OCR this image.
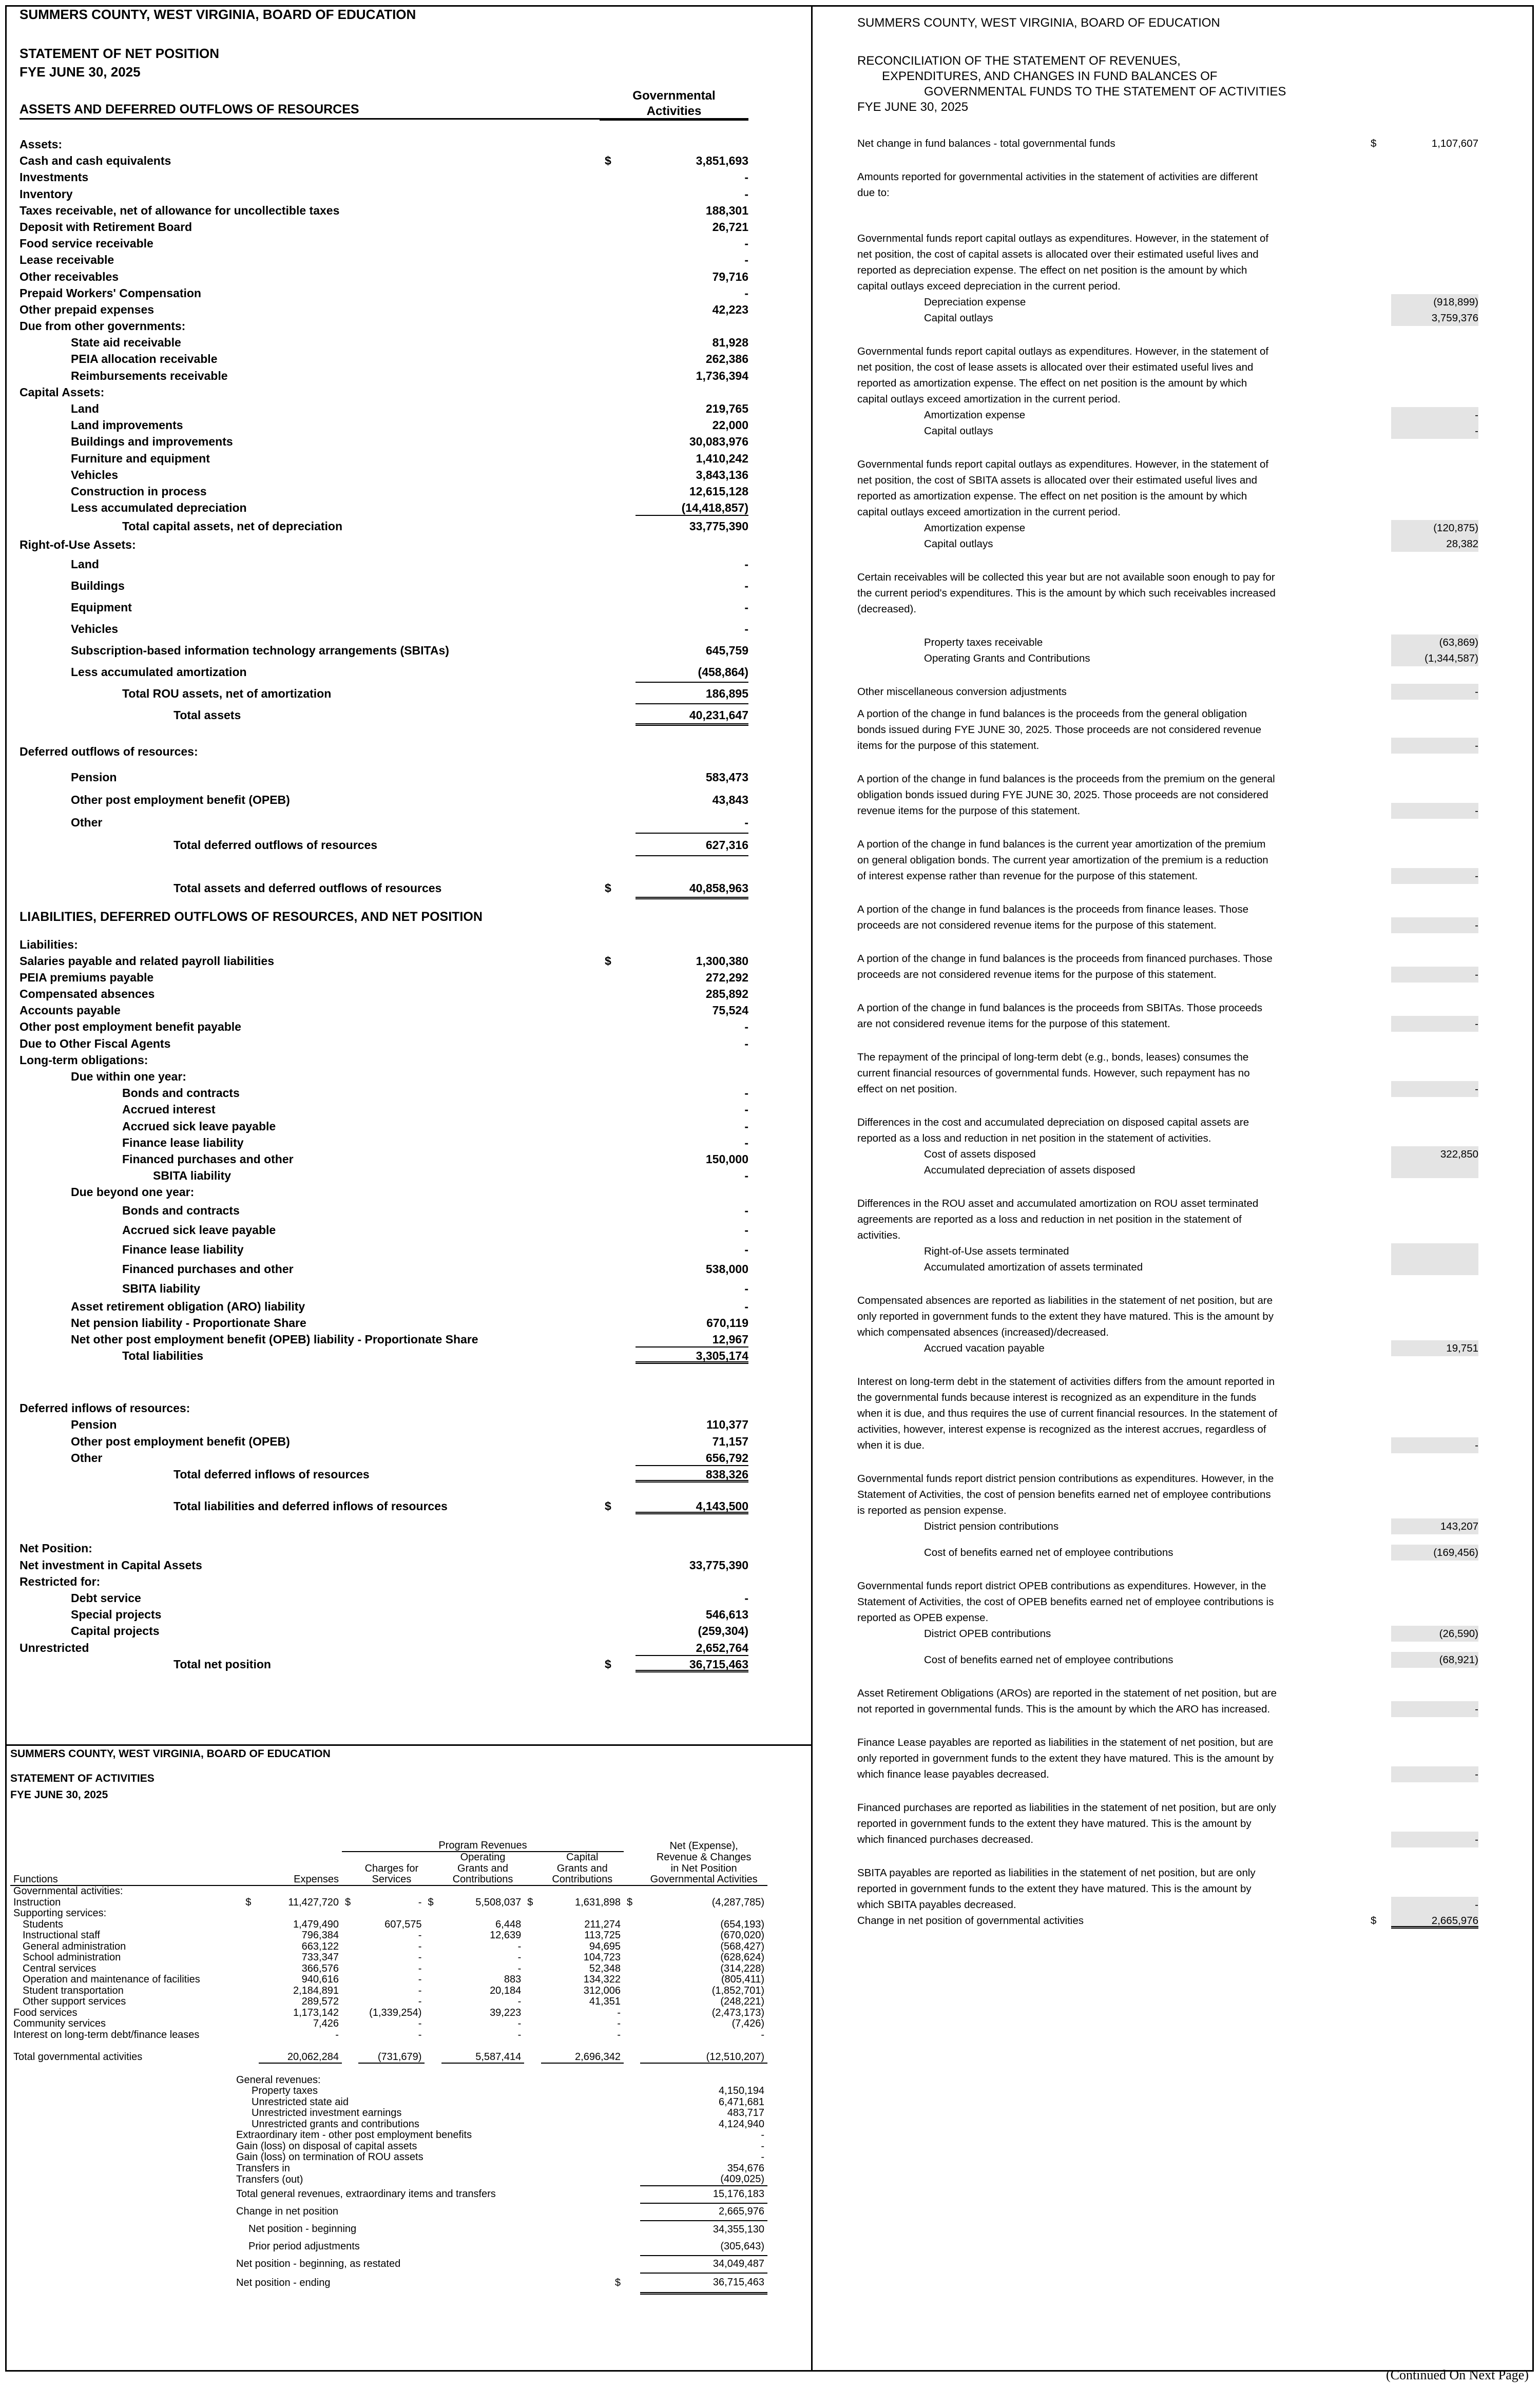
SUMMERS COUNTY, WEST VIRGINIA, BOARD OF EDUCATION
STATEMENT OF NET POSITION
FYE JUNE 30, 2025
Governmental
Activities
ASSETS AND DEFERRED OUTFLOWS OF RESOURCES
Assets:
Cash and cash equivalents	$	3,851,693
Investments	-
Inventory	-
Taxes receivable, net of allowance for uncollectible taxes	188,301
Deposit with Retirement Board	26,721
Food service receivable	-
Lease receivable	-
Other receivables	79,716
Prepaid Workers' Compensation	-
Other prepaid expenses	42,223
Due from other governments:
State aid receivable	81,928
PEIA allocation receivable	262,386
Reimbursements receivable	1,736,394
Capital Assets:
Land	219,765
Land improvements	22,000
Buildings and improvements	30,083,976
Furniture and equipment	1,410,242
Vehicles	3,843,136
Construction in process	12,615,128
Less accumulated depreciation	(14,418,857)
Total capital assets, net of depreciation	33,775,390
Right-of-Use Assets:
Land	-
Buildings	-
Equipment	-
Vehicles	-
Subscription-based information technology arrangements (SBITAs)	645,759
Less accumulated amortization	(458,864)
Total ROU assets, net of amortization	186,895
Total assets	40,231,647
Deferred outflows of resources:
Pension	583,473
Other post employment benefit (OPEB)	43,843
Other	-
Total deferred outflows of resources	627,316
Total assets and deferred outflows of resources	$	40,858,963
LIABILITIES, DEFERRED OUTFLOWS OF RESOURCES, AND NET POSITION
Liabilities:
Salaries payable and related payroll liabilities	$	1,300,380
PEIA premiums payable	272,292
Compensated absences	285,892
Accounts payable	75,524
Other post employment benefit payable	-
Due to Other Fiscal Agents	-
Long-term obligations:
Due within one year:
Bonds and contracts	-
Accrued interest	-
Accrued sick leave payable	-
Finance lease liability	-
Financed purchases and other	150,000
SBITA liability	-
Due beyond one year:
Bonds and contracts	-
Accrued sick leave payable	-
Finance lease liability	-
Financed purchases and other	538,000
SBITA liability	-
Asset retirement obligation (ARO) liability	-
Net pension liability - Proportionate Share	670,119
Net other post employment benefit (OPEB) liability - Proportionate Share	12,967
Total liabilities	3,305,174
Deferred inflows of resources:
Pension	110,377
Other post employment benefit (OPEB)	71,157
Other	656,792
Total deferred inflows of resources	838,326
Total liabilities and deferred inflows of resources	$	4,143,500
Net Position:
Net investment in Capital Assets	33,775,390
Restricted for:
Debt service	-
Special projects	546,613
Capital projects	(259,304)
Unrestricted	2,652,764
Total net position	$	36,715,463
SUMMERS COUNTY, WEST VIRGINIA, BOARD OF EDUCATION
STATEMENT OF ACTIVITIES
FYE JUNE 30, 2025
			Program Revenues							Net (Expense),
						Operating		Capital		Revenue & Changes
				Charges for		Grants and		Grants and		in Net Position
Functions		Expenses		Services		Contributions		Contributions		Governmental Activities
Governmental activities:										
Instruction	$	11,427,720	$	-	$	5,508,037	$	1,631,898	$	(4,287,785)
Supporting services:										
Students		1,479,490		607,575		6,448		211,274		(654,193)
Instructional staff		796,384		-		12,639		113,725		(670,020)
General administration		663,122		-		-		94,695		(568,427)
School administration		733,347		-		-		104,723		(628,624)
Central services		366,576		-		-		52,348		(314,228)
Operation and maintenance of facilities		940,616		-		883		134,322		(805,411)
Student transportation		2,184,891		-		20,184		312,006		(1,852,701)
Other support services		289,572		-		-		41,351		(248,221)
Food services		1,173,142		(1,339,254)		39,223		-		(2,473,173)
Community services		7,426		-		-		-		(7,426)
Interest on long-term debt/finance leases		-		-		-		-		-

Total governmental activities		20,062,284		(731,679)		5,587,414		2,696,342		(12,510,207)

General revenues:										
Property taxes										4,150,194
Unrestricted state aid										6,471,681
Unrestricted investment earnings										483,717
Unrestricted grants and contributions										4,124,940
Extraordinary item - other post employment benefits										-
Gain (loss) on disposal of capital assets										-
Gain (loss) on termination of ROU assets										-
Transfers in										354,676
Transfers (out)										(409,025)
Total general revenues, extraordinary items and transfers										15,176,183
Change in net position										2,665,976
Net position - beginning										34,355,130
Prior period adjustments										(305,643)
Net position - beginning, as restated										34,049,487
Net position - ending								$		36,715,463
SUMMERS COUNTY, WEST VIRGINIA, BOARD OF EDUCATION
RECONCILIATION OF THE STATEMENT OF REVENUES,
EXPENDITURES, AND CHANGES IN FUND BALANCES OF
GOVERNMENTAL FUNDS TO THE STATEMENT OF ACTIVITIES
FYE JUNE 30, 2025
Net change in fund balances - total governmental funds	$	1,107,607
Amounts reported for governmental activities in the statement of activities are different due to:
Governmental funds report capital outlays as expenditures. However, in the statement of net position, the cost of capital assets is allocated over their estimated useful lives and reported as depreciation expense. The effect on net position is the amount by which capital outlays exceed depreciation in the current period.
Depreciation expense	(918,899)
Capital outlays	3,759,376
Governmental funds report capital outlays as expenditures. However, in the statement of net position, the cost of lease assets is allocated over their estimated useful lives and reported as amortization expense. The effect on net position is the amount by which capital outlays exceed amortization in the current period.
Amortization expense	-
Capital outlays	-
Governmental funds report capital outlays as expenditures. However, in the statement of net position, the cost of SBITA assets is allocated over their estimated useful lives and reported as amortization expense. The effect on net position is the amount by which capital outlays exceed amortization in the current period.
Amortization expense	(120,875)
Capital outlays	28,382
Certain receivables will be collected this year but are not available soon enough to pay for the current period's expenditures. This is the amount by which such receivables increased (decreased).
Property taxes receivable	(63,869)
Operating Grants and Contributions	(1,344,587)
Other miscellaneous conversion adjustments	-
A portion of the change in fund balances is the proceeds from the general obligation bonds issued during FYE JUNE 30, 2025. Those proceeds are not considered revenue items for the purpose of this statement.	-
A portion of the change in fund balances is the proceeds from the premium on the general obligation bonds issued during FYE JUNE 30, 2025. Those proceeds are not considered revenue items for the purpose of this statement.	-
A portion of the change in fund balances is the current year amortization of the premium on general obligation bonds. The current year amortization of the premium is a reduction of interest expense rather than revenue for the purpose of this statement.	-
A portion of the change in fund balances is the proceeds from finance leases. Those proceeds are not considered revenue items for the purpose of this statement.	-
A portion of the change in fund balances is the proceeds from financed purchases. Those proceeds are not considered revenue items for the purpose of this statement.	-
A portion of the change in fund balances is the proceeds from SBITAs. Those proceeds are not considered revenue items for the purpose of this statement.	-
The repayment of the principal of long-term debt (e.g., bonds, leases) consumes the current financial resources of governmental funds. However, such repayment has no effect on net position.	-
Differences in the cost and accumulated depreciation on disposed capital assets are reported as a loss and reduction in net position in the statement of activities.
Cost of assets disposed	322,850
Accumulated depreciation of assets disposed
Differences in the ROU asset and accumulated amortization on ROU asset terminated agreements are reported as a loss and reduction in net position in the statement of activities.
Right-of-Use assets terminated
Accumulated amortization of assets terminated
Compensated absences are reported as liabilities in the statement of net position, but are only reported in government funds to the extent they have matured. This is the amount by which compensated absences (increased)/decreased.
Accrued vacation payable	19,751
Interest on long-term debt in the statement of activities differs from the amount reported in the governmental funds because interest is recognized as an expenditure in the funds when it is due, and thus requires the use of current financial resources. In the statement of activities, however, interest expense is recognized as the interest accrues, regardless of when it is due.	-
Governmental funds report district pension contributions as expenditures. However, in the Statement of Activities, the cost of pension benefits earned net of employee contributions is reported as pension expense.
District pension contributions	143,207
Cost of benefits earned net of employee contributions	(169,456)
Governmental funds report district OPEB contributions as expenditures. However, in the Statement of Activities, the cost of OPEB benefits earned net of employee contributions is reported as OPEB expense.
District OPEB contributions	(26,590)
Cost of benefits earned net of employee contributions	(68,921)
Asset Retirement Obligations (AROs) are reported in the statement of net position, but are not reported in governmental funds. This is the amount by which the ARO has increased.	-
Finance Lease payables are reported as liabilities in the statement of net position, but are only reported in government funds to the extent they have matured. This is the amount by which finance lease payables decreased.	-
Financed purchases are reported as liabilities in the statement of net position, but are only reported in government funds to the extent they have matured. This is the amount by which financed purchases decreased.	-
SBITA payables are reported as liabilities in the statement of net position, but are only reported in government funds to the extent they have matured. This is the amount by which SBITA payables decreased.	-
Change in net position of governmental activities	$	2,665,976
(Continued On Next Page)
